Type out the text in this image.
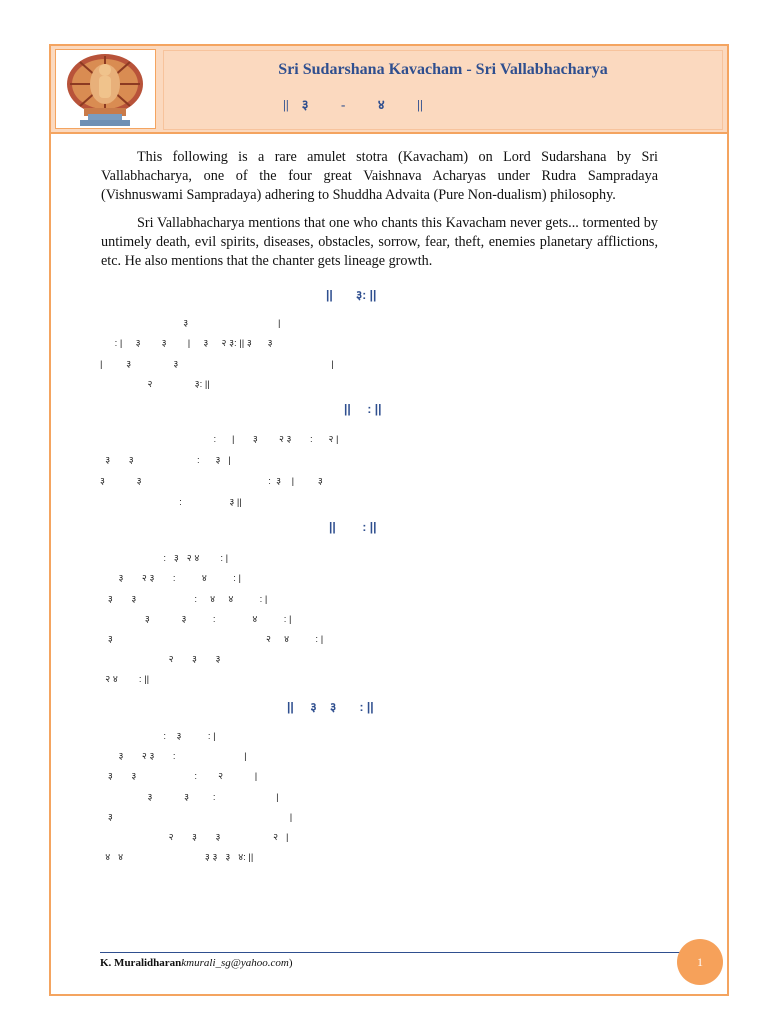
Sri Sudarshana Kavacham - Sri Vallabhacharya
||    ३          -          ४          ||

This following is a rare amulet stotra (Kavacham) on Lord Sudarshana by Sri Vallabhacharya, one of the four great Vaishnava Acharyas under Rudra Sampradaya (Vishnuswami Sampradaya) adhering to Shuddha Advaita (Pure Non-dualism) philosophy.

Sri Vallabhacharya mentions that one who chants this Kavacham never gets... tormented by untimely death, evil spirits, diseases, obstacles, sorrow, fear, theft, enemies planetary afflictions, etc. He also mentions that the chanter gets lineage growth.

||       ३: ||
३                                  |
: |     ३        ३        |     ३     २ ३: || ३      ३
|         ३                ३                                                          |
२                ३: ||
||     : ||
:      |       ३        २ ३       :      २ |
३       ३                        :      ३   |
३            ३                                                :  ३    |         ३
:                  ३ ||
||        : ||
:   ३   २ ४        : |
३       २ ३       :          ४          : |
३       ३                      :     ४     ४          : |
३            ३          :              ४          : |
३                                                          २     ४          : |
२       ३       ३
२ ४        : ||
||     ३    ३       : ||
:    ३          : |
३       २ ३       :                          |
३       ३                      :        २            |
३            ३         :                       |
३                                                                   |
२       ३       ३                    २   |
४   ४                               ३ ३   ३   ४: ||
K. Muralidharankmurali_sg@yahoo.com)	1
